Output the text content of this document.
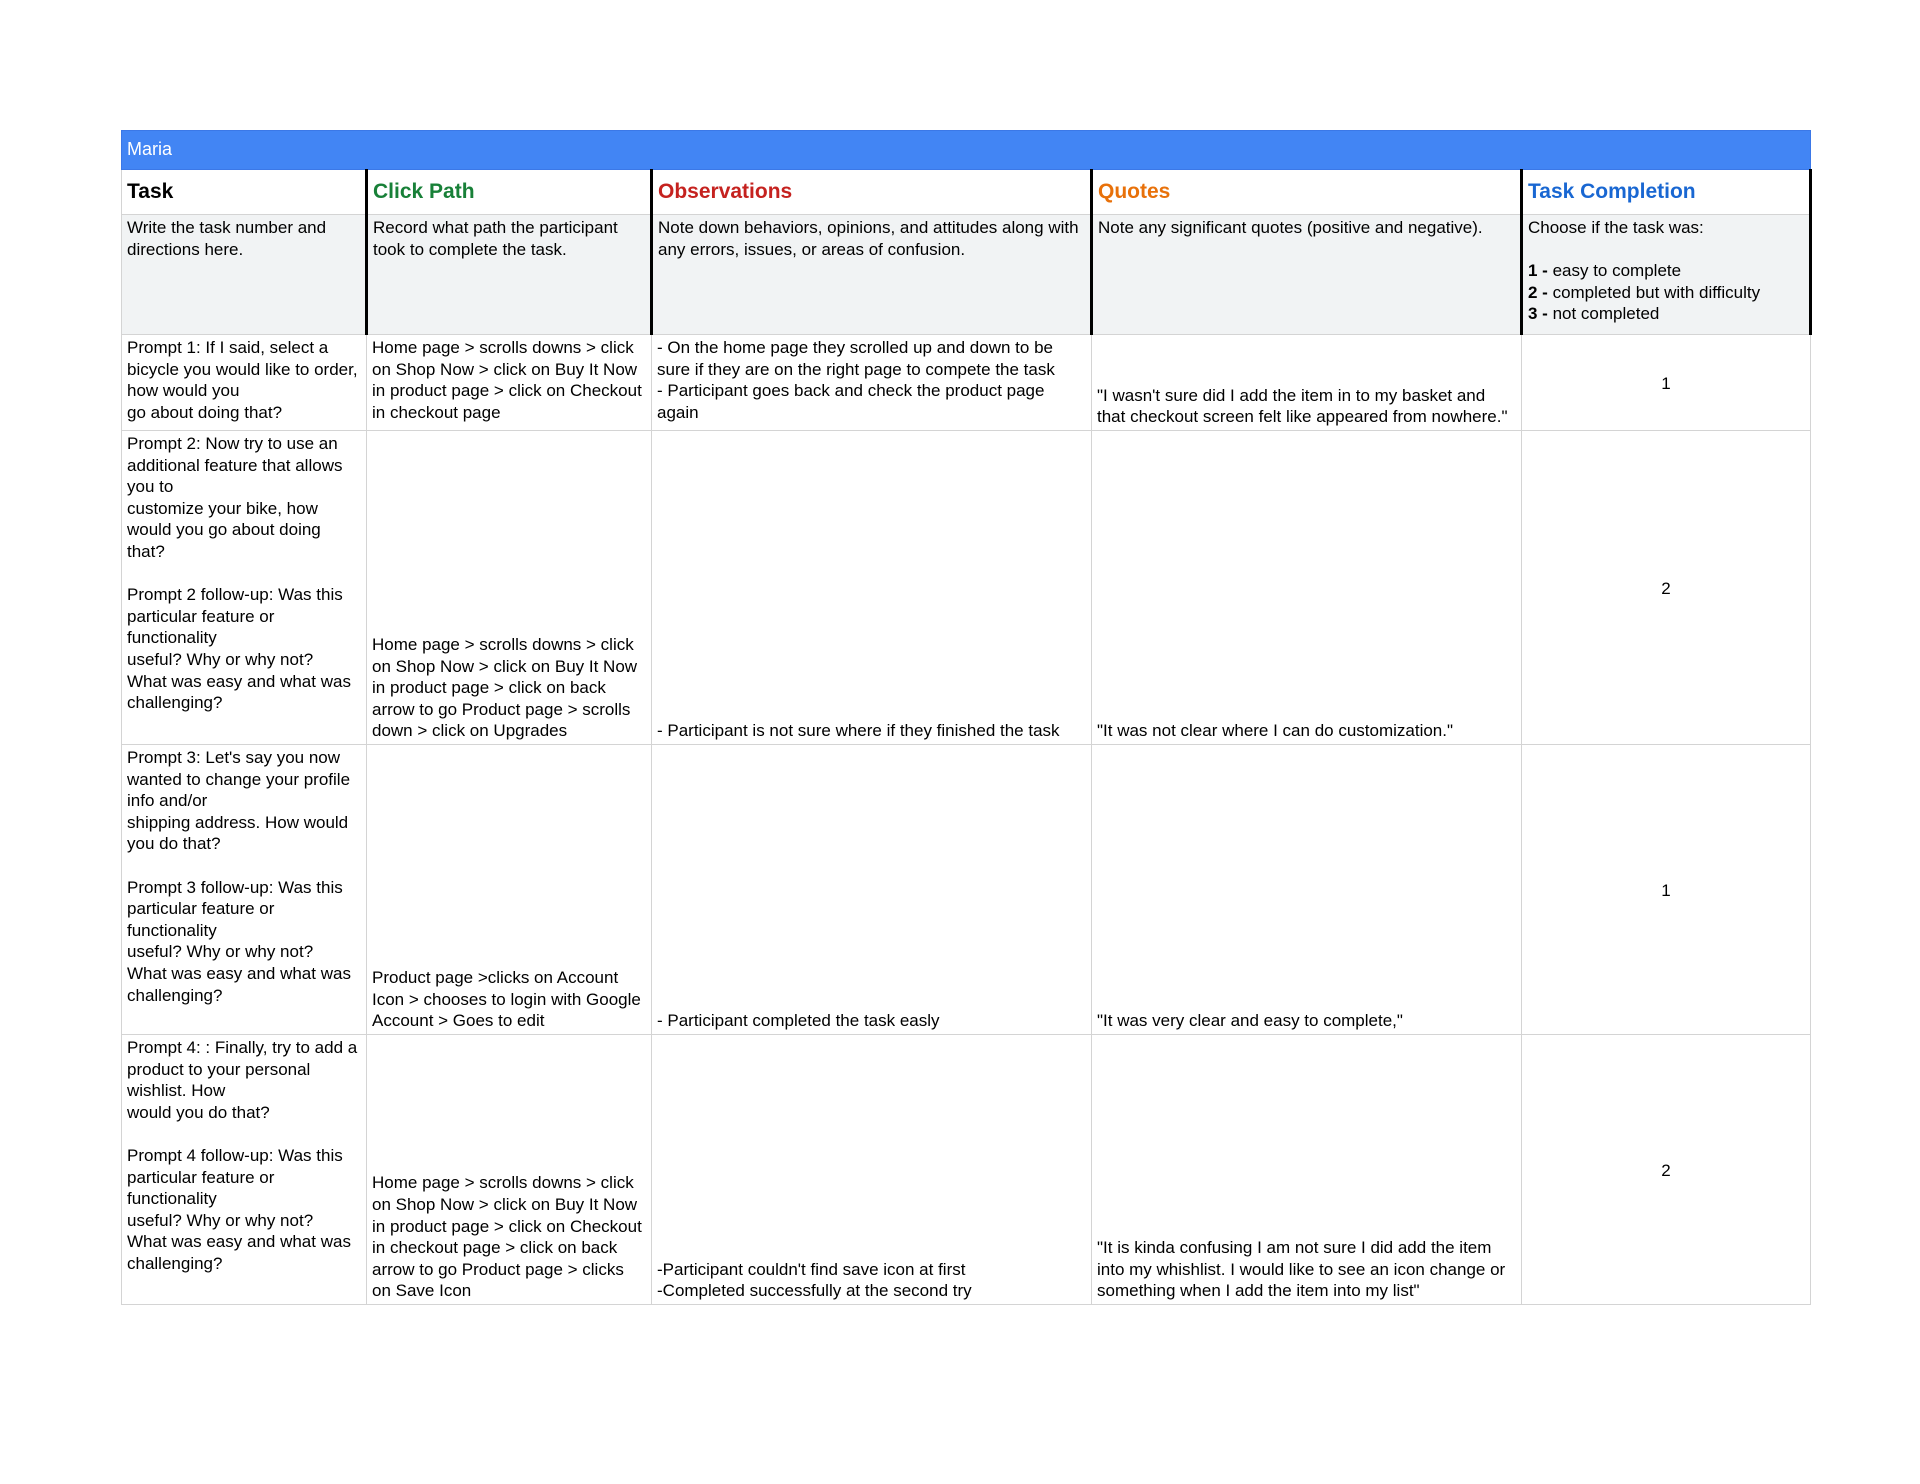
Maria				
Task	Click Path	Observations	Quotes	Task Completion
Write the task number and directions here.	Record what path the participant took to complete the task.	Note down behaviors, opinions, and attitudes along with any errors, issues, or areas of confusion.	Note any significant quotes (positive and negative).	Choose if the task was:
1 - easy to complete
2 - completed but with difficulty
3 - not completed

Prompt 1: If I said, select a bicycle you would like to order, how would you
go about doing that?	Home page > scrolls downs > click on Shop Now > click on Buy It Now in product page > click on Checkout in checkout page	- On the home page they scrolled up and down to be sure if they are on the right page to compete the task
- Participant goes back and check the product page again	"I wasn't sure did I add the item in to my basket and that checkout screen felt like appeared from nowhere."	1
Prompt 2: Now try to use an additional feature that allows you to
customize your bike, how would you go about doing that?

Prompt 2 follow-up: Was this particular feature or functionality
useful? Why or why not?
What was easy and what was challenging?	Home page > scrolls downs > click on Shop Now > click on Buy It Now in product page > click on back arrow to go Product page > scrolls down > click on Upgrades	- Participant is not sure where if they finished the task	"It was not clear where I can do customization."	2
Prompt 3: Let's say you now wanted to change your profile info and/or
shipping address. How would you do that?

Prompt 3 follow-up: Was this particular feature or functionality
useful? Why or why not?
What was easy and what was challenging?	Product page >clicks on Account Icon > chooses to login with Google Account > Goes to edit	- Participant completed the task easly	"It was very clear and easy to complete,"	1
Prompt 4: : Finally, try to add a product to your personal wishlist. How
would you do that?

Prompt 4 follow-up: Was this particular feature or functionality
useful? Why or why not?
What was easy and what was challenging?	Home page > scrolls downs > click on Shop Now > click on Buy It Now in product page > click on Checkout in checkout page > click on back arrow to go Product page > clicks on Save Icon	-Participant couldn't find save icon at first
-Completed successfully at the second try	"It is kinda confusing I am not sure I did add the item into my whishlist. I would like to see an icon change or something when I add the item into my list"	2
